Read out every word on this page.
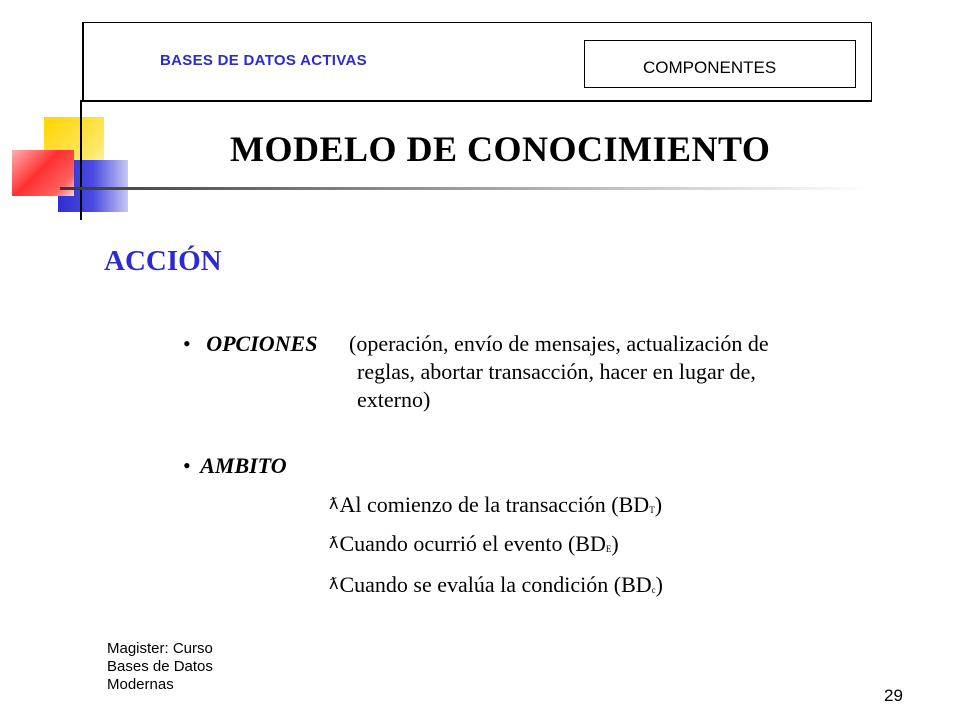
BASES DE DATOS ACTIVAS	COMPONENTES
MODELO DE CONOCIMIENTO
ACCIÓN
• OPCIONES (operación, envío de mensajes, actualización de
reglas, abortar transacción, hacer en lugar de,
externo)
• AMBITO
ƛAl comienzo de la transacción (BDT)
ƛCuando ocurrió el evento (BDE)
ƛCuando se evalúa la condición (BDc)
Magister: Curso
Bases de Datos
Modernas
29
